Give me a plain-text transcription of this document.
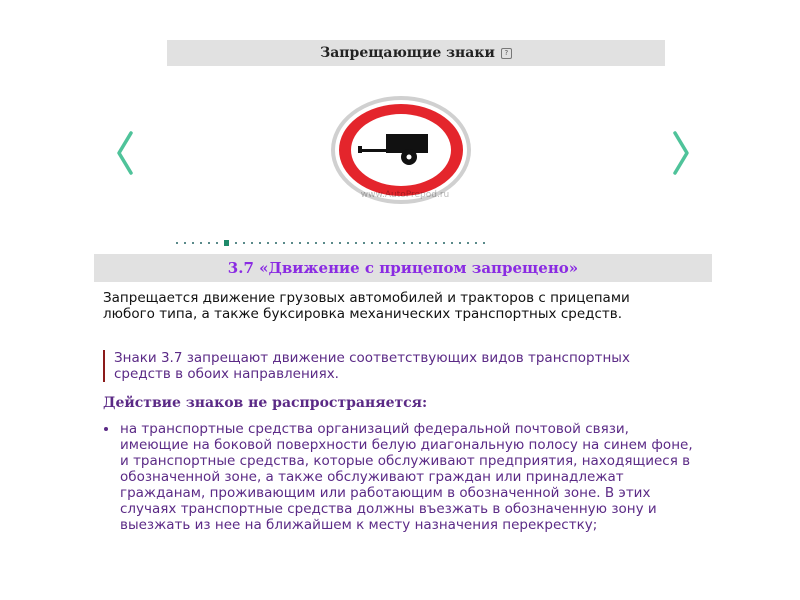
Запрещающие знаки	?
www.AutoPrepod.ru
3.7 «Движение с прицепом запрещено»

Запрещается движение грузовых автомобилей и тракторов с прицепами любого типа, а также буксировка механических транспортных средств.

Знаки 3.7 запрещают движение соответствующих видов транспортных средств в обоих направлениях.
Действие знаков не распространяется:
на транспортные средства организаций федеральной почтовой связи, имеющие на боковой поверхности белую диагональную полосу на синем фоне, и транспортные средства, которые обслуживают предприятия, находящиеся в обозначенной зоне, а также обслуживают граждан или принадлежат гражданам, проживающим или работающим в обозначенной зоне. В этих случаях транспортные средства должны въезжать в обозначенную зону и выезжать из нее на ближайшем к месту назначения перекрестку;
